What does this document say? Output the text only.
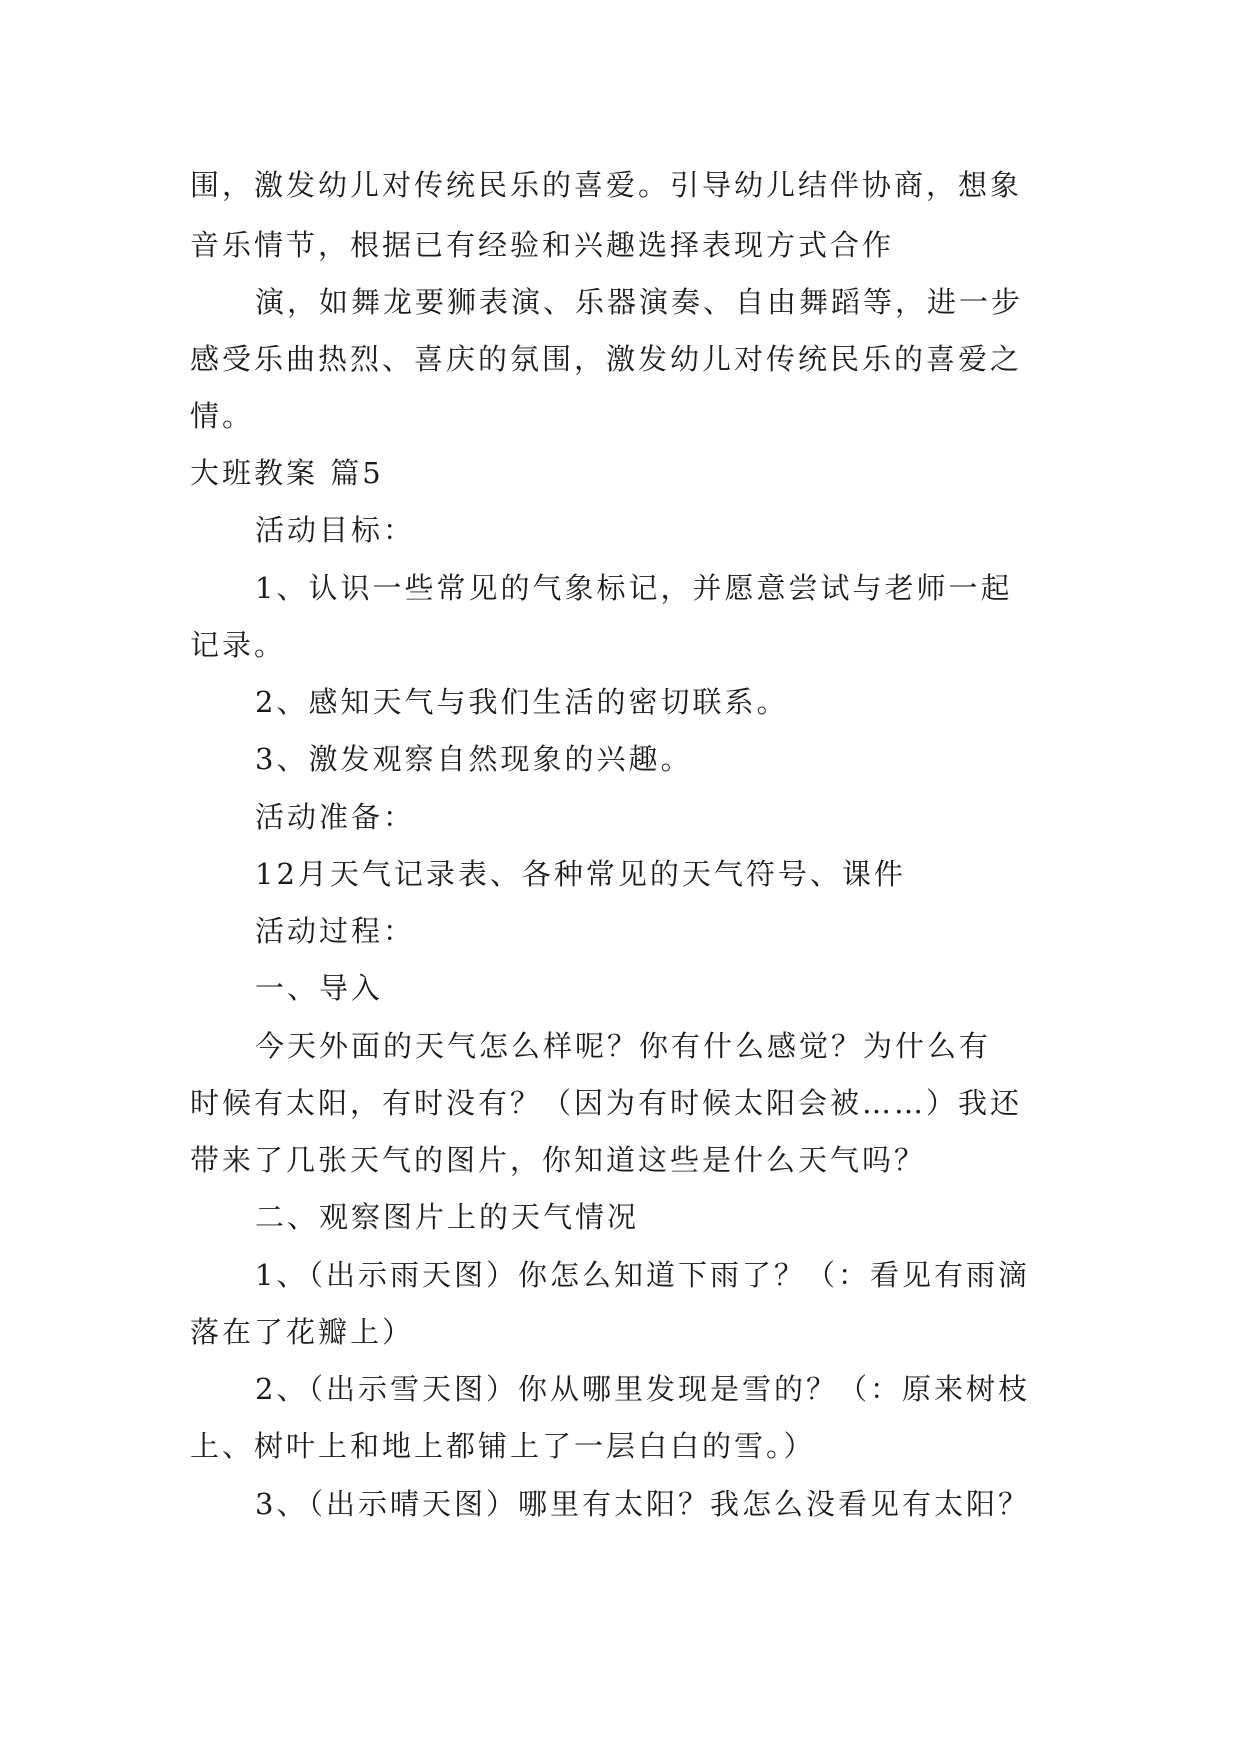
围，激发幼儿对传统民乐的喜爱。引导幼儿结伴协商，想象
音乐情节，根据已有经验和兴趣选择表现方式合作
演，如舞龙要狮表演、乐器演奏、自由舞蹈等，进一步
感受乐曲热烈、喜庆的氛围，激发幼儿对传统民乐的喜爱之
情。
大班教案 篇5
活动目标：
1、认识一些常见的气象标记，并愿意尝试与老师一起
记录。
2、感知天气与我们生活的密切联系。
3、激发观察自然现象的兴趣。
活动准备：
12月天气记录表、各种常见的天气符号、课件
活动过程：
一、导入
今天外面的天气怎么样呢？你有什么感觉？为什么有
时候有太阳，有时没有？（因为有时候太阳会被……）我还
带来了几张天气的图片，你知道这些是什么天气吗？
二、观察图片上的天气情况
1、（出示雨天图）你怎么知道下雨了？（：看见有雨滴
落在了花瓣上）
2、（出示雪天图）你从哪里发现是雪的？（：原来树枝
上、树叶上和地上都铺上了一层白白的雪。）
3、（出示晴天图）哪里有太阳？我怎么没看见有太阳？
